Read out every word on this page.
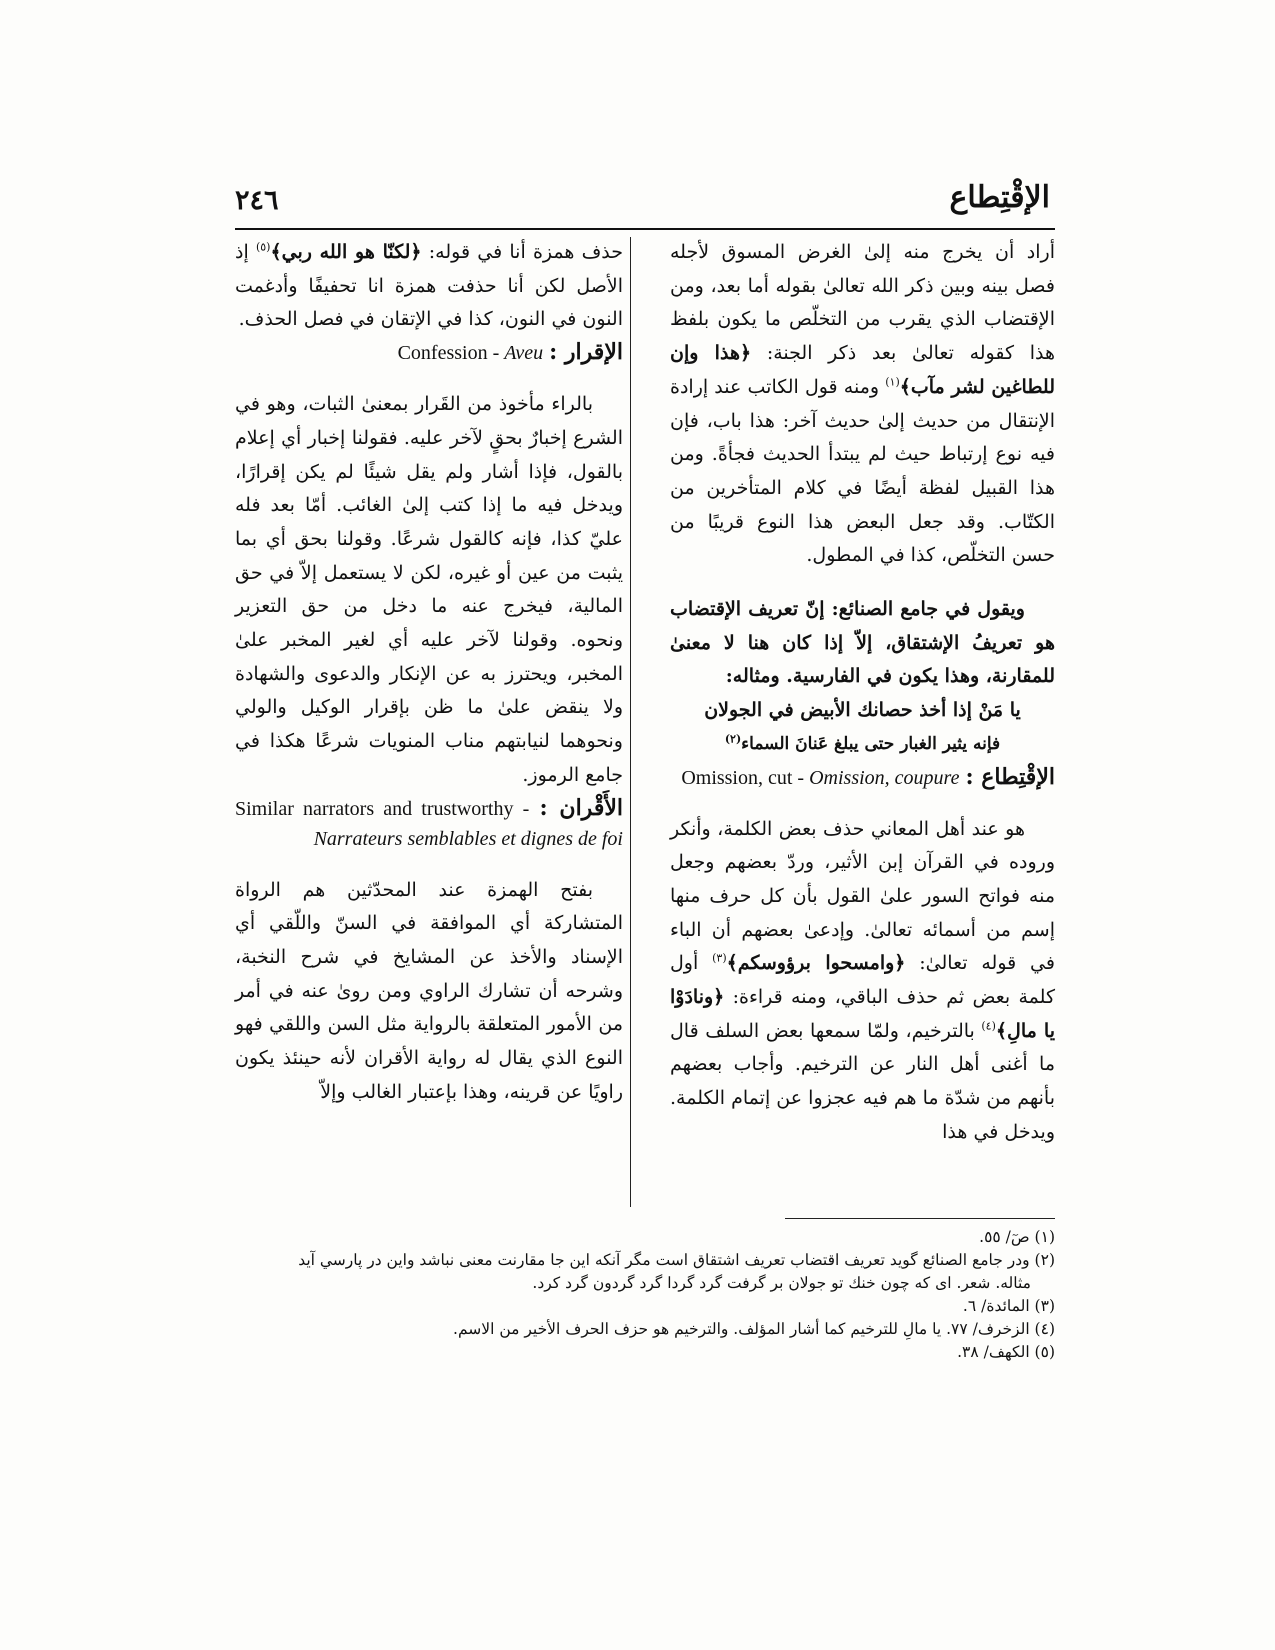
الإقْتِطاع
٢٤٦

أراد أن يخرج منه إلىٰ الغرض المسوق لأجله فصل بينه وبين ذكر الله تعالىٰ بقوله أما بعد، ومن الإقتضاب الذي يقرب من التخلّص ما يكون بلفظ هذا كقوله تعالىٰ بعد ذكر الجنة: ﴿هذا وإن للطاغين لشر مآب﴾$^{(١)}$ ومنه قول الكاتب عند إرادة الإنتقال من حديث إلىٰ حديث آخر: هذا باب، فإن فيه نوع إرتباط حيث لم يبتدأ الحديث فجأةً. ومن هذا القبيل لفظة أيضًا في كلام المتأخرين من الكتّاب. وقد جعل البعض هذا النوع قريبًا من حسن التخلّص، كذا في المطول.

ويقول في جامع الصنائع: إنّ تعريف الإقتضاب هو تعريفُ الإشتقاق، إلاّ إذا كان هنا لا معنىٰ للمقارنة، وهذا يكون في الفارسية. ومثاله:

يا مَنْ إذا أخذ حصانك الأبيض في الجولان

فإنه يثير الغبار حتى يبلغ عَنانَ السماء$^{(٢)}$

الإقْتِطاع : Omission, cut - Omission, coupure

هو عند أهل المعاني حذف بعض الكلمة، وأنكر وروده في القرآن إبن الأثير، وردّ بعضهم وجعل منه فواتح السور علىٰ القول بأن كل حرف منها إسم من أسمائه تعالىٰ. وإدعىٰ بعضهم أن الباء في قوله تعالىٰ: ﴿وامسحوا برؤوسكم﴾$^{(٣)}$ أول كلمة بعض ثم حذف الباقي، ومنه قراءة: ﴿ونادَوْا يا مالِ﴾$^{(٤)}$ بالترخيم، ولمّا سمعها بعض السلف قال ما أغنى أهل النار عن الترخيم. وأجاب بعضهم بأنهم من شدّة ما هم فيه عجزوا عن إتمام الكلمة. ويدخل في هذا

حذف همزة أنا في قوله: ﴿لكنّا هو الله ربي﴾$^{(٥)}$ إذ الأصل لكن أنا حذفت همزة انا تحفيفًا وأدغمت النون في النون، كذا في الإتقان في فصل الحذف.

الإقرار : Confession - Aveu

بالراء مأخوذ من القَرار بمعنىٰ الثبات، وهو في الشرع إخبارٌ بحقٍ لآخر عليه. فقولنا إخبار أي إعلام بالقول، فإذا أشار ولم يقل شيئًا لم يكن إقرارًا، ويدخل فيه ما إذا كتب إلىٰ الغائب. أمّا بعد فله عليّ كذا، فإنه كالقول شرعًا. وقولنا بحق أي بما يثبت من عين أو غيره، لكن لا يستعمل إلاّ في حق المالية، فيخرج عنه ما دخل من حق التعزير ونحوه. وقولنا لآخر عليه أي لغير المخبر علىٰ المخبر، ويحترز به عن الإنكار والدعوى والشهادة ولا ينقض علىٰ ما ظن بإقرار الوكيل والولي ونحوهما لنيابتهم مناب المنويات شرعًا هكذا في جامع الرموز.

الأَقْران : Similar narrators and trustworthy - Narrateurs semblables et dignes de foi

بفتح الهمزة عند المحدّثين هم الرواة المتشاركة أي الموافقة في السنّ واللّقي أي الإسناد والأخذ عن المشايخ في شرح النخبة، وشرحه أن تشارك الراوي ومن روىٰ عنه في أمر من الأمور المتعلقة بالرواية مثل السن واللقي فهو النوع الذي يقال له رواية الأقران لأنه حينئذ يكون راويًا عن قرينه، وهذا بإعتبار الغالب وإلاّ

(١) صٓ/ ٥٥.

(٢) ودر جامع الصنائع گويد تعريف اقتضاب تعريف اشتقاق است مگر آنكه اين جا مقارنت معنى نباشد واين در پارسي آيد

مثاله. شعر. اى كه چون خنك تو جولان بر گرفت گرد گردا گرد گردون گرد كرد.

(٣) المائدة/ ٦.

(٤) الزخرف/ ٧٧. يا مالِ للترخيم كما أشار المؤلف. والترخيم هو حزف الحرف الأخير من الاسم.

(٥) الكهف/ ٣٨.
